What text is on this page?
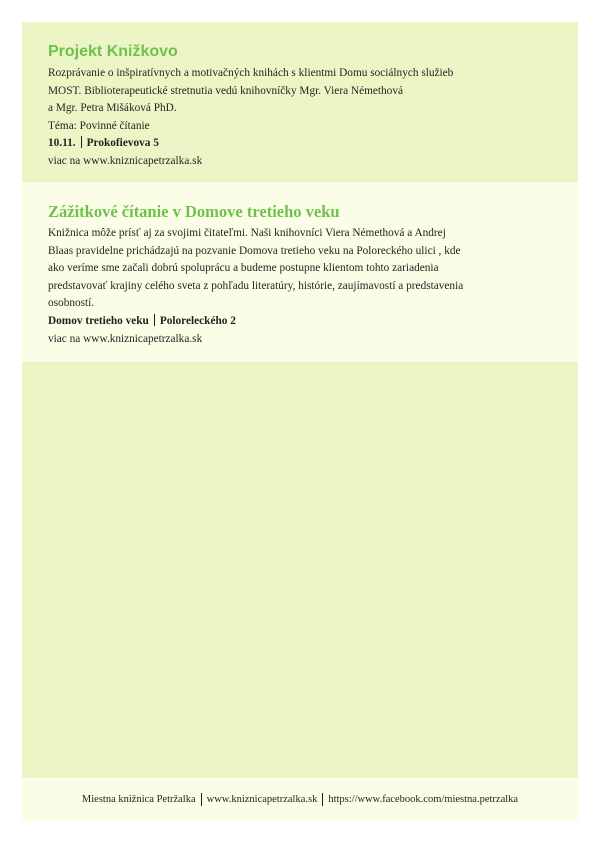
Projekt Knižkovo

Rozprávanie o inšpiratívnych a motivačných knihách s klientmi Domu sociálnych služieb

MOST. Biblioterapeutické stretnutia vedú knihovníčky Mgr. Viera Némethová

a Mgr. Petra Mišáková PhD.

Téma: Povinné čítanie

10.11. Prokofievova 5

viac na www.kniznicapetrzalka.sk

Zážitkové čítanie v Domove tretieho veku

Knižnica môže prísť aj za svojimi čitateľmi. Naši knihovníci Viera Némethová a Andrej

Blaas pravidelne prichádzajú na pozvanie Domova tretieho veku na Poloreckého ulici , kde

ako veríme sme začali dobrú spoluprácu a budeme postupne klientom tohto zariadenia

predstavovať krajiny celého sveta z pohľadu literatúry, histórie, zaujímavostí a predstavenia

osobností.

Domov tretieho veku Poloreleckého 2

viac na www.kniznicapetrzalka.sk

Miestna knižnica Petržalka www.kniznicapetrzalka.sk https://www.facebook.com/miestna.petrzalka
